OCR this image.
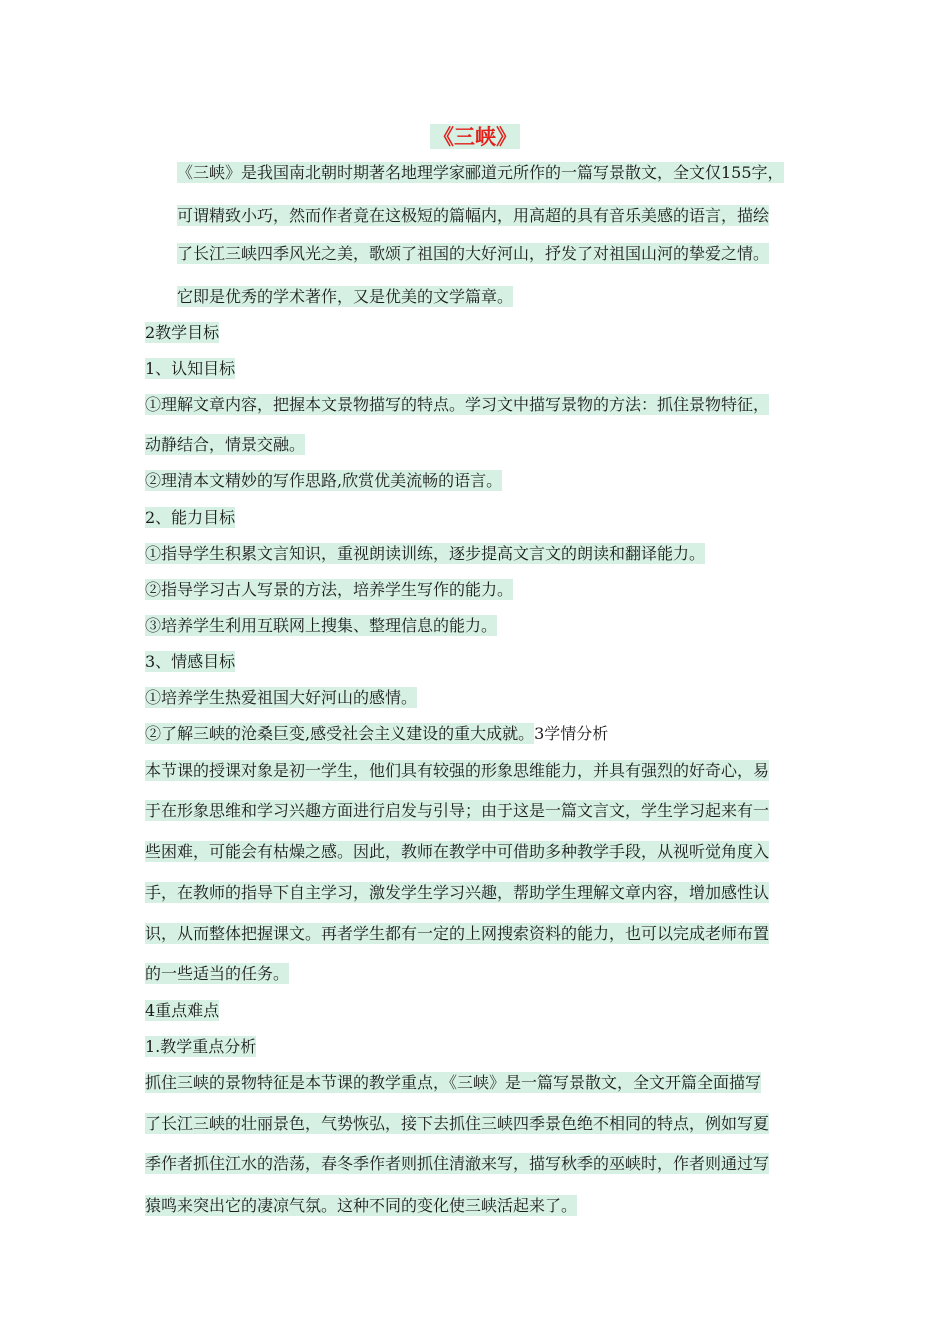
《三峡》
《三峡》是我国南北朝时期著名地理学家郦道元所作的一篇写景散文，全文仅155字，
可谓精致小巧，然而作者竟在这极短的篇幅内，用高超的具有音乐美感的语言，描绘
了长江三峡四季风光之美，歌颂了祖国的大好河山，抒发了对祖国山河的挚爱之情。
它即是优秀的学术著作，又是优美的文学篇章。
2教学目标
1、认知目标
①理解文章内容，把握本文景物描写的特点。学习文中描写景物的方法：抓住景物特征，
动静结合，情景交融。
②理清本文精妙的写作思路,欣赏优美流畅的语言。
2、能力目标
①指导学生积累文言知识，重视朗读训练，逐步提高文言文的朗读和翻译能力。
②指导学习古人写景的方法，培养学生写作的能力。
③培养学生利用互联网上搜集、整理信息的能力。
3、情感目标
①培养学生热爱祖国大好河山的感情。
②了解三峡的沧桑巨变,感受社会主义建设的重大成就。3学情分析
本节课的授课对象是初一学生，他们具有较强的形象思维能力，并具有强烈的好奇心，易
于在形象思维和学习兴趣方面进行启发与引导；由于这是一篇文言文，学生学习起来有一
些困难，可能会有枯燥之感。因此，教师在教学中可借助多种教学手段，从视听觉角度入
手，在教师的指导下自主学习，激发学生学习兴趣，帮助学生理解文章内容，增加感性认
识，从而整体把握课文。再者学生都有一定的上网搜索资料的能力，也可以完成老师布置
的一些适当的任务。
4重点难点
1.教学重点分析
抓住三峡的景物特征是本节课的教学重点，《三峡》是一篇写景散文，全文开篇全面描写
了长江三峡的壮丽景色，气势恢弘，接下去抓住三峡四季景色绝不相同的特点，例如写夏
季作者抓住江水的浩荡，春冬季作者则抓住清澈来写，描写秋季的巫峡时，作者则通过写
猿鸣来突出它的凄凉气氛。这种不同的变化使三峡活起来了。
